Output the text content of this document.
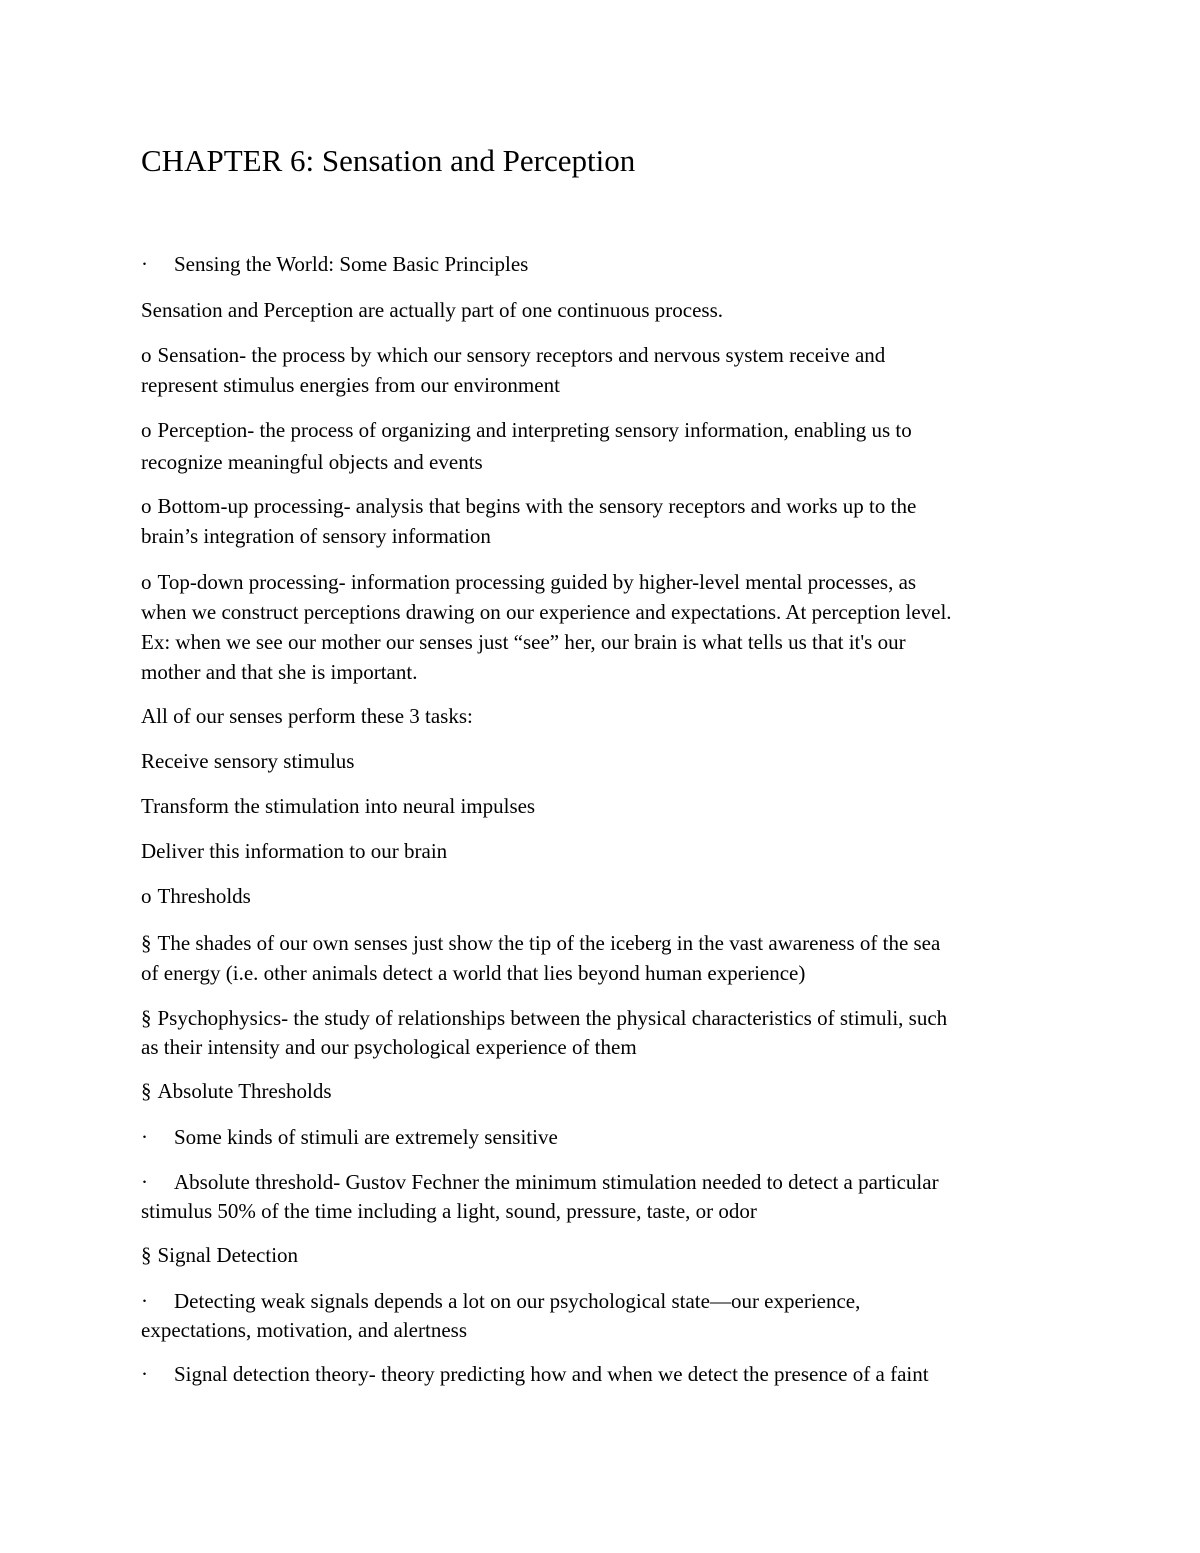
CHAPTER 6: Sensation and Perception

· Sensing the World: Some Basic Principles

Sensation and Perception are actually part of one continuous process.

o Sensation- the process by which our sensory receptors and nervous system receive and

represent stimulus energies from our environment

o Perception- the process of organizing and interpreting sensory information, enabling us to

recognize meaningful objects and events

o Bottom-up processing- analysis that begins with the sensory receptors and works up to the

brain’s integration of sensory information

o Top-down processing- information processing guided by higher-level mental processes, as

when we construct perceptions drawing on our experience and expectations. At perception level.

Ex: when we see our mother our senses just “see” her, our brain is what tells us that it's our

mother and that she is important.

All of our senses perform these 3 tasks:

Receive sensory stimulus

Transform the stimulation into neural impulses

Deliver this information to our brain

o Thresholds

§ The shades of our own senses just show the tip of the iceberg in the vast awareness of the sea

of energy (i.e. other animals detect a world that lies beyond human experience)

§ Psychophysics- the study of relationships between the physical characteristics of stimuli, such

as their intensity and our psychological experience of them

§ Absolute Thresholds

· Some kinds of stimuli are extremely sensitive

· Absolute threshold- Gustov Fechner the minimum stimulation needed to detect a particular

stimulus 50% of the time including a light, sound, pressure, taste, or odor

§ Signal Detection

· Detecting weak signals depends a lot on our psychological state—our experience,

expectations, motivation, and alertness

· Signal detection theory- theory predicting how and when we detect the presence of a faint
